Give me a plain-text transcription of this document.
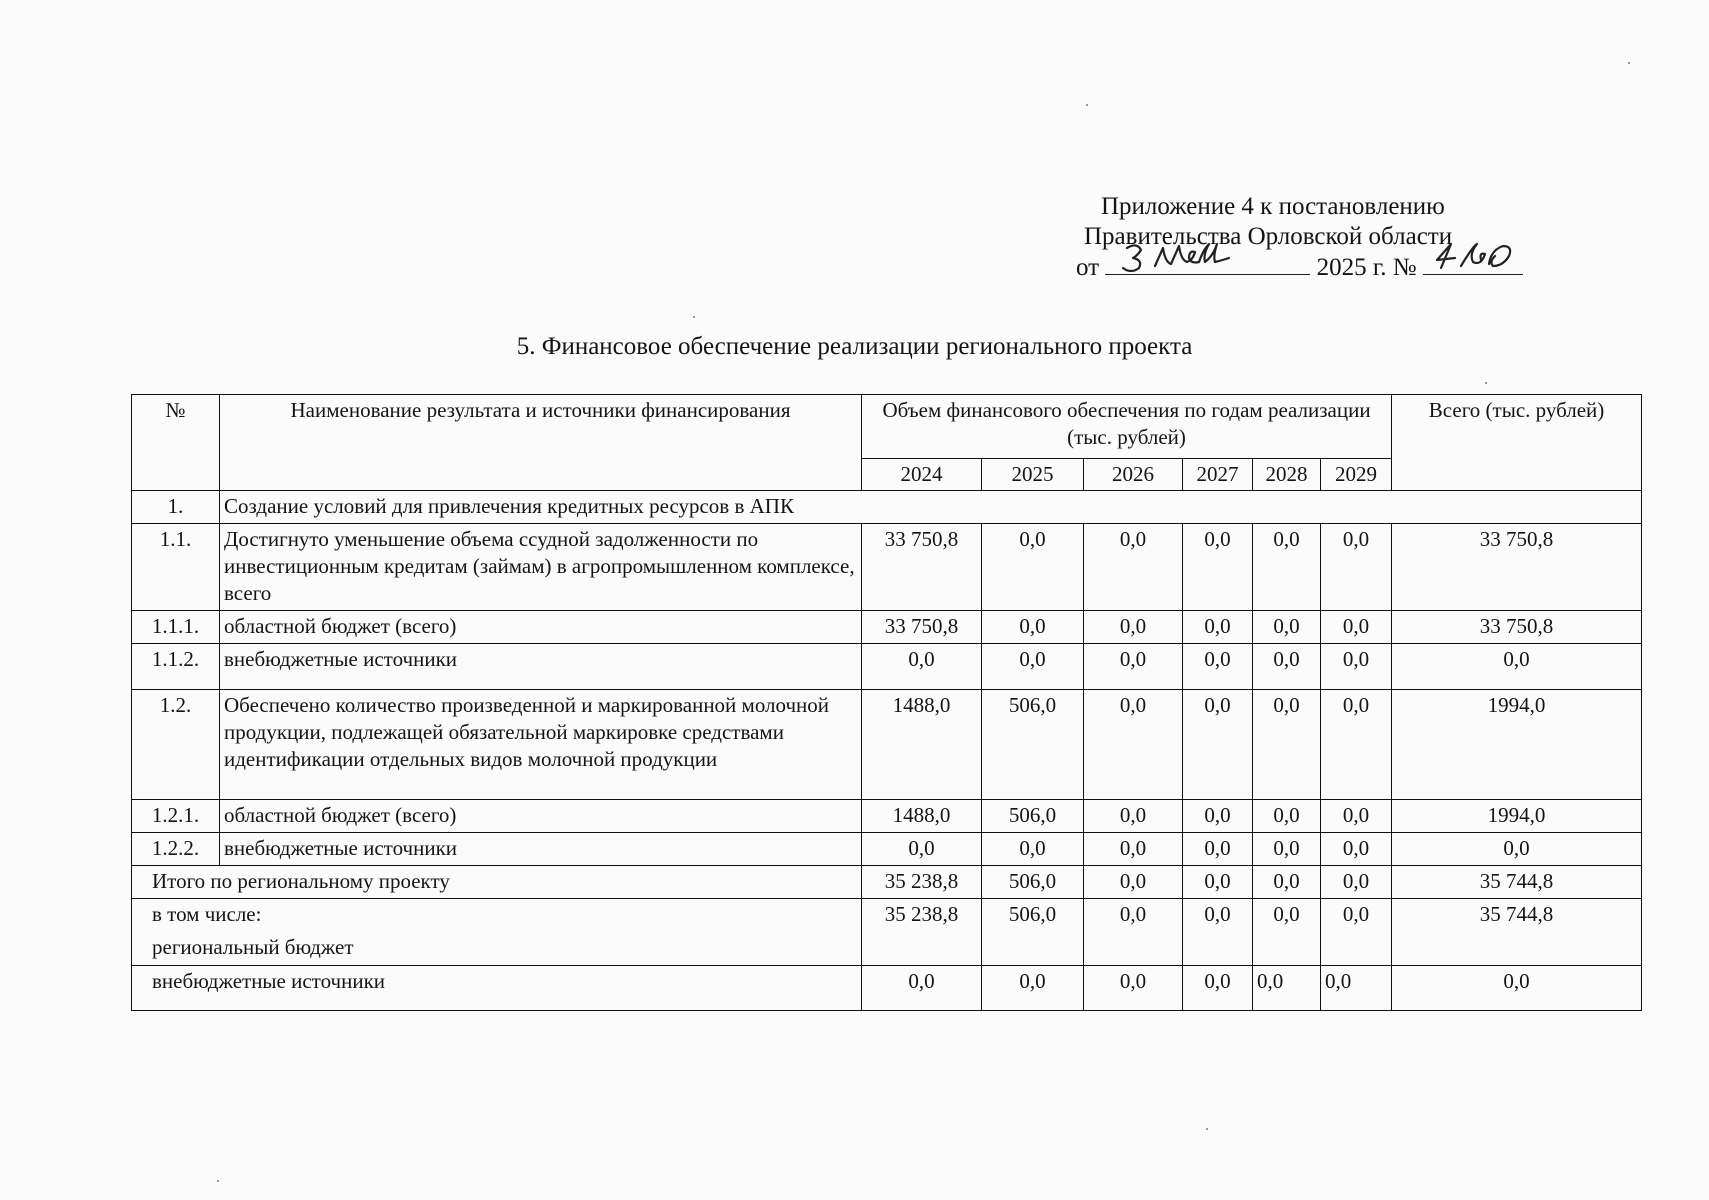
Приложение 4 к постановлению
Правительства Орловской области
от	2025 г. №
5. Финансовое обеспечение реализации регионального проекта
№	Наименование результата и источники финансирования	Объем финансового обеспечения по годам реализации (тыс. рублей)						Всего (тыс. рублей)
		2024	2025	2026	2027	2028	2029	
1.	Создание условий для привлечения кредитных ресурсов в АПК							
1.1.	Достигнуто уменьшение объема ссудной задолженности по инвестиционным кредитам (займам) в агропромышленном комплексе, всего	33 750,8	0,0	0,0	0,0	0,0	0,0	33 750,8
1.1.1.	областной бюджет (всего)	33 750,8	0,0	0,0	0,0	0,0	0,0	33 750,8
1.1.2.	внебюджетные источники	0,0	0,0	0,0	0,0	0,0	0,0	0,0
1.2.	Обеспечено количество произведенной и маркированной молочной продукции, подлежащей обязательной маркировке средствами идентификации отдельных видов молочной продукции	1488,0	506,0	0,0	0,0	0,0	0,0	1994,0
1.2.1.	областной бюджет (всего)	1488,0	506,0	0,0	0,0	0,0	0,0	1994,0
1.2.2.	внебюджетные источники	0,0	0,0	0,0	0,0	0,0	0,0	0,0
Итого по региональному проекту		35 238,8	506,0	0,0	0,0	0,0	0,0	35 744,8

в том числе:
региональный бюджет		35 238,8	506,0	0,0	0,0	0,0	0,0	35 744,8
внебюджетные источники		0,0	0,0	0,0	0,0	0,0	0,0	0,0
